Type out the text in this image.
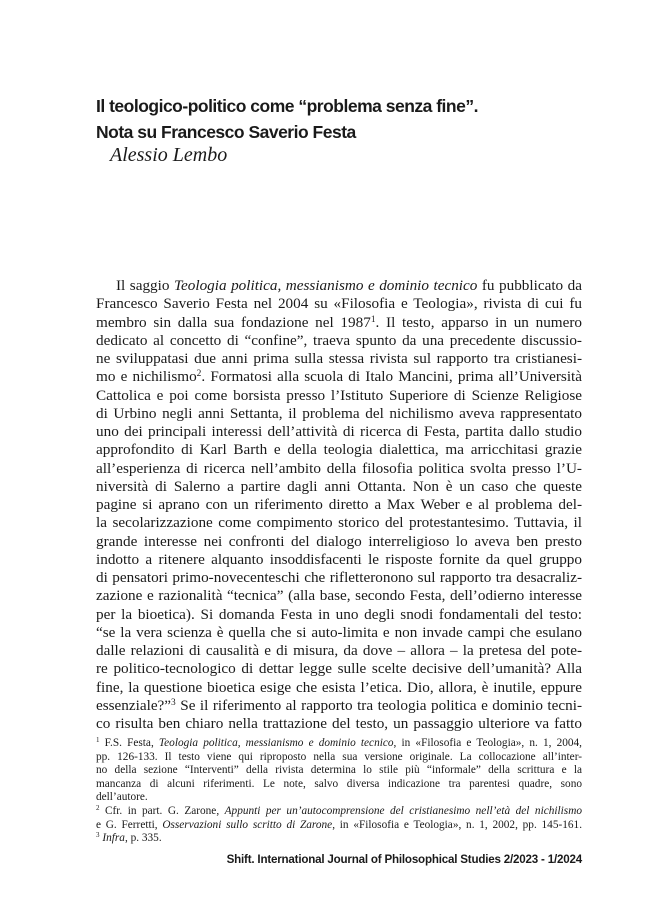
Il teologico-politico come “problema senza fine”.
Nota su Francesco Saverio Festa

Alessio Lembo

Il saggio Teologia politica, messianismo e dominio tecnico fu pubblicato da
Francesco Saverio Festa nel 2004 su «Filosofia e Teologia», rivista di cui fu
membro sin dalla sua fondazione nel 1987$^1$. Il testo, apparso in un numero
dedicato al concetto di “confine”, traeva spunto da una precedente discussio-
ne sviluppatasi due anni prima sulla stessa rivista sul rapporto tra cristianesi-
mo e nichilismo$^2$. Formatosi alla scuola di Italo Mancini, prima all’Università
Cattolica e poi come borsista presso l’Istituto Superiore di Scienze Religiose
di Urbino negli anni Settanta, il problema del nichilismo aveva rappresentato
uno dei principali interessi dell’attività di ricerca di Festa, partita dallo studio
approfondito di Karl Barth e della teologia dialettica, ma arricchitasi grazie
all’esperienza di ricerca nell’ambito della filosofia politica svolta presso l’U-
niversità di Salerno a partire dagli anni Ottanta. Non è un caso che queste
pagine si aprano con un riferimento diretto a Max Weber e al problema del-
la secolarizzazione come compimento storico del protestantesimo. Tuttavia, il
grande interesse nei confronti del dialogo interreligioso lo aveva ben presto
indotto a ritenere alquanto insoddisfacenti le risposte fornite da quel gruppo
di pensatori primo-novecenteschi che rifletteronono sul rapporto tra desacraliz-
zazione e razionalità “tecnica” (alla base, secondo Festa, dell’odierno interesse
per la bioetica). Si domanda Festa in uno degli snodi fondamentali del testo:
“se la vera scienza è quella che si auto-limita e non invade campi che esulano
dalle relazioni di causalità e di misura, da dove – allora – la pretesa del pote-
re politico-tecnologico di dettar legge sulle scelte decisive dell’umanità? Alla
fine, la questione bioetica esige che esista l’etica. Dio, allora, è inutile, eppure
essenziale?”$^3$ Se il riferimento al rapporto tra teologia politica e dominio tecni-
co risulta ben chiaro nella trattazione del testo, un passaggio ulteriore va fatto
$^1$ F.S. Festa, Teologia politica, messianismo e dominio tecnico, in «Filosofia e Teologia», n. 1, 2004,
pp. 126-133. Il testo viene qui riproposto nella sua versione originale. La collocazione all’inter-
no della sezione “Interventi” della rivista determina lo stile più “informale” della scrittura e la
mancanza di alcuni riferimenti. Le note, salvo diversa indicazione tra parentesi quadre, sono
dell’autore.
$^2$ Cfr. in part. G. Zarone, Appunti per un’autocomprensione del cristianesimo nell’età del nichilismo
e G. Ferretti, Osservazioni sullo scritto di Zarone, in «Filosofia e Teologia», n. 1, 2002, pp. 145-161.
$^3$ Infra, p. 335.
Shift. International Journal of Philosophical Studies 2/2023 - 1/2024
